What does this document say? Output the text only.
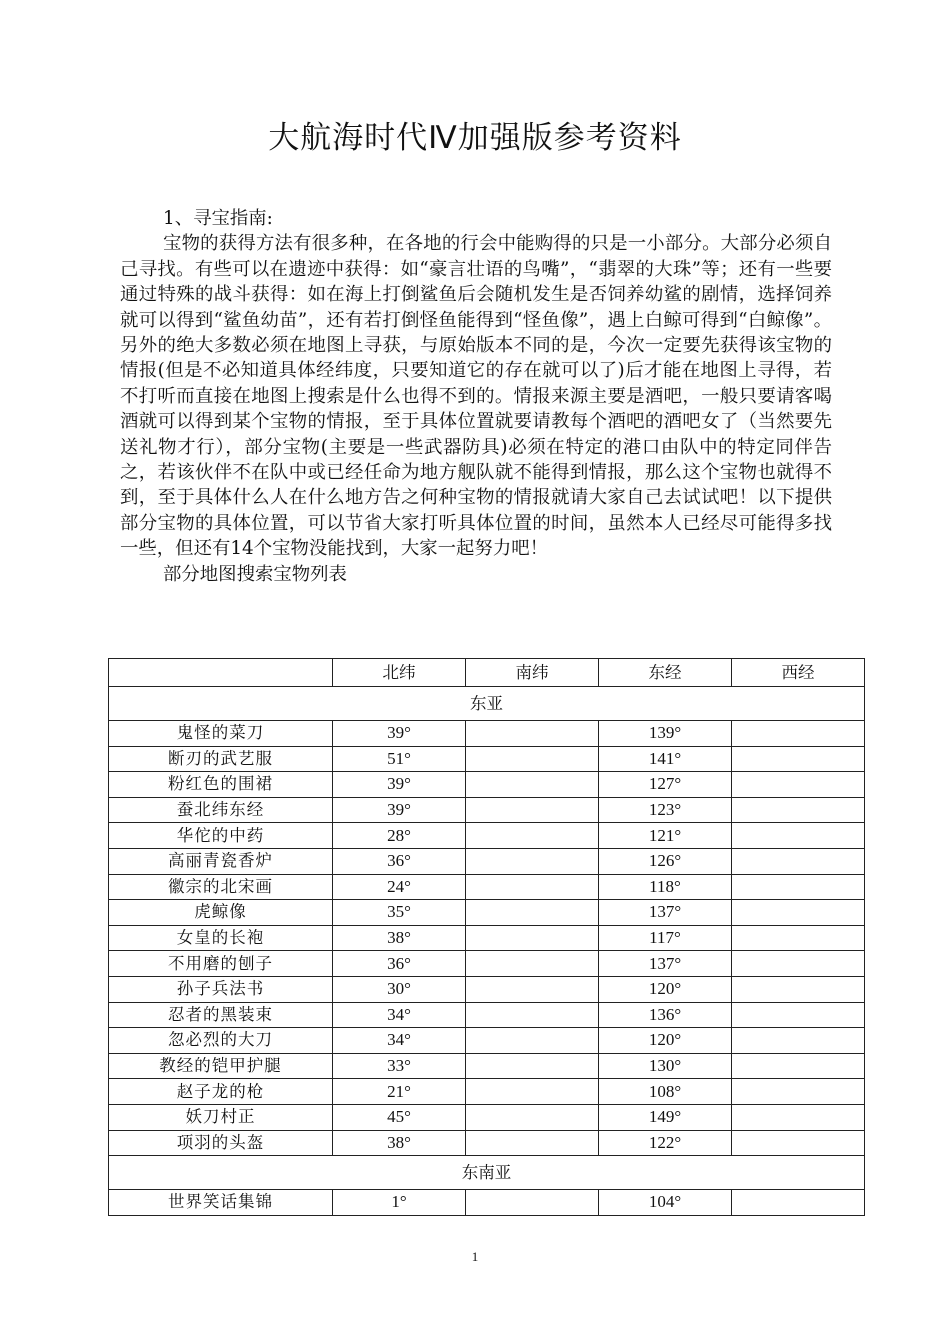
大航海时代Ⅳ加强版参考资料

1、寻宝指南:

宝物的获得方法有很多种，在各地的行会中能购得的只是一小部分。大部分必须自己寻找。有些可以在遗迹中获得：如“豪言壮语的鸟嘴”，“翡翠的大珠”等；还有一些要通过特殊的战斗获得：如在海上打倒鲨鱼后会随机发生是否饲养幼鲨的剧情，选择饲养就可以得到“鲨鱼幼苗”，还有若打倒怪鱼能得到“怪鱼像”，遇上白鲸可得到“白鲸像”。另外的绝大多数必须在地图上寻获，与原始版本不同的是，今次一定要先获得该宝物的情报(但是不必知道具体经纬度，只要知道它的存在就可以了)后才能在地图上寻得，若不打听而直接在地图上搜索是什么也得不到的。情报来源主要是酒吧，一般只要请客喝酒就可以得到某个宝物的情报，至于具体位置就要请教每个酒吧的酒吧女了（当然要先送礼物才行），部分宝物(主要是一些武器防具)必须在特定的港口由队中的特定同伴告之，若该伙伴不在队中或已经任命为地方舰队就不能得到情报，那么这个宝物也就得不到，至于具体什么人在什么地方告之何种宝物的情报就请大家自己去试试吧！以下提供部分宝物的具体位置，可以节省大家打听具体位置的时间，虽然本人已经尽可能得多找一些，但还有14个宝物没能找到，大家一起努力吧！

部分地图搜索宝物列表

	北纬	南纬	东经	西经
东亚				
鬼怪的菜刀	39°		139°	
断刃的武艺服	51°		141°	
粉红色的围裙	39°		127°	
蚕北纬东经	39°		123°	
华佗的中药	28°		121°	
高丽青瓷香炉	36°		126°	
徽宗的北宋画	24°		118°	
虎鲸像	35°		137°	
女皇的长袍	38°		117°	
不用磨的刨子	36°		137°	
孙子兵法书	30°		120°	
忍者的黑装束	34°		136°	
忽必烈的大刀	34°		120°	
教经的铠甲护腿	33°		130°	
赵子龙的枪	21°		108°	
妖刀村正	45°		149°	
项羽的头盔	38°		122°	
东南亚				
世界笑话集锦	1°		104°	
1
